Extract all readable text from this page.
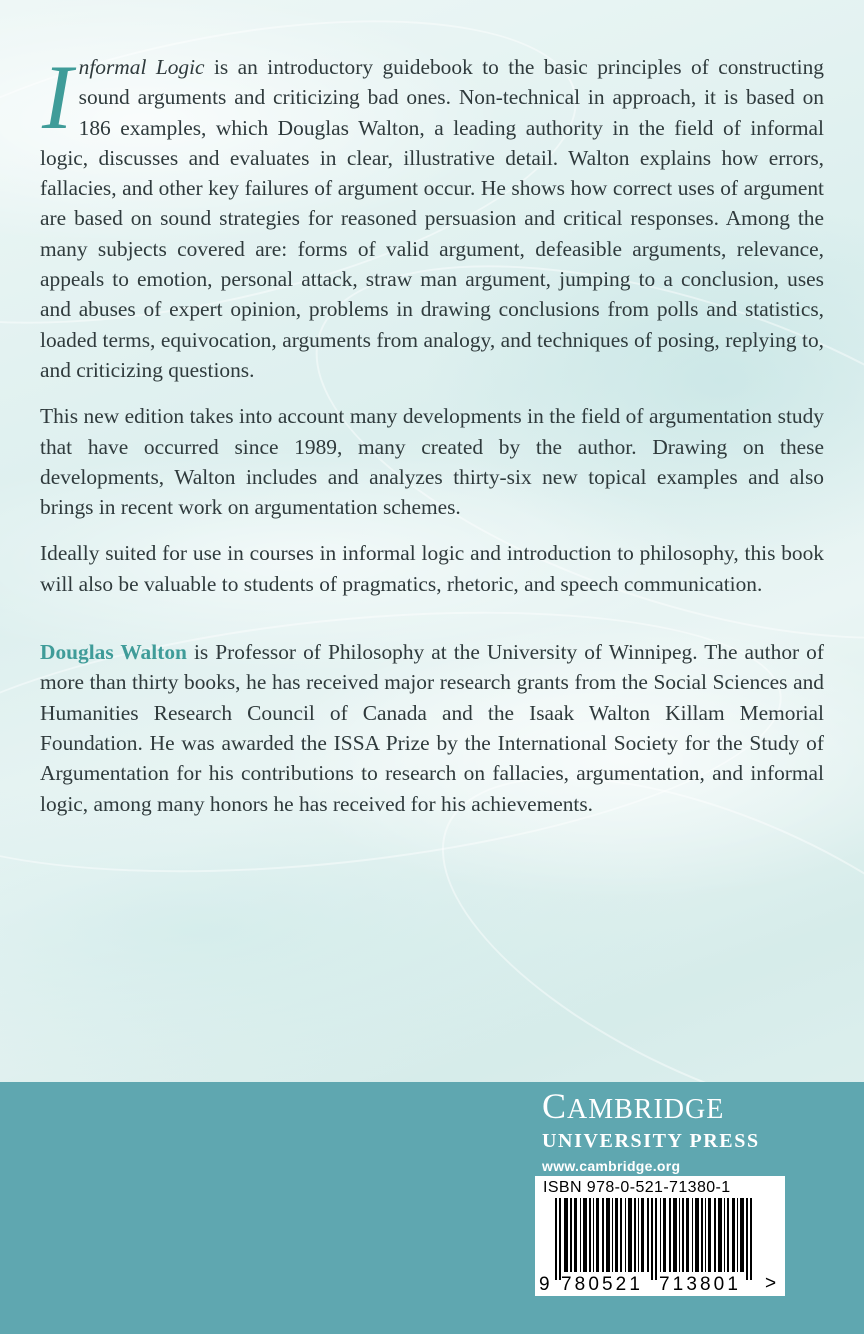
Informal Logic is an introductory guidebook to the basic principles of constructing sound arguments and criticizing bad ones. Non-technical in approach, it is based on 186 examples, which Douglas Walton, a leading authority in the field of informal logic, discusses and evaluates in clear, illustrative detail. Walton explains how errors, fallacies, and other key failures of argument occur. He shows how correct uses of argument are based on sound strategies for reasoned persuasion and critical responses. Among the many subjects covered are: forms of valid argument, defeasible arguments, relevance, appeals to emotion, personal attack, straw man argument, jumping to a conclusion, uses and abuses of expert opinion, problems in drawing conclusions from polls and statistics, loaded terms, equivocation, arguments from analogy, and techniques of posing, replying to, and criticizing questions.

This new edition takes into account many developments in the field of argumentation study that have occurred since 1989, many created by the author. Drawing on these developments, Walton includes and analyzes thirty-six new topical examples and also brings in recent work on argumentation schemes.

Ideally suited for use in courses in informal logic and introduction to philosophy, this book will also be valuable to students of pragmatics, rhetoric, and speech communication.

Douglas Walton is Professor of Philosophy at the University of Winnipeg. The author of more than thirty books, he has received major research grants from the Social Sciences and Humanities Research Council of Canada and the Isaak Walton Killam Memorial Foundation. He was awarded the ISSA Prize by the International Society for the Study of Argumentation for his contributions to research on fallacies, argumentation, and informal logic, among many honors he has received for his achievements.

CAMBRIDGE
UNIVERSITY PRESS
www.cambridge.org
ISBN 978-0-521-71380-1
9 780521 713801 >
